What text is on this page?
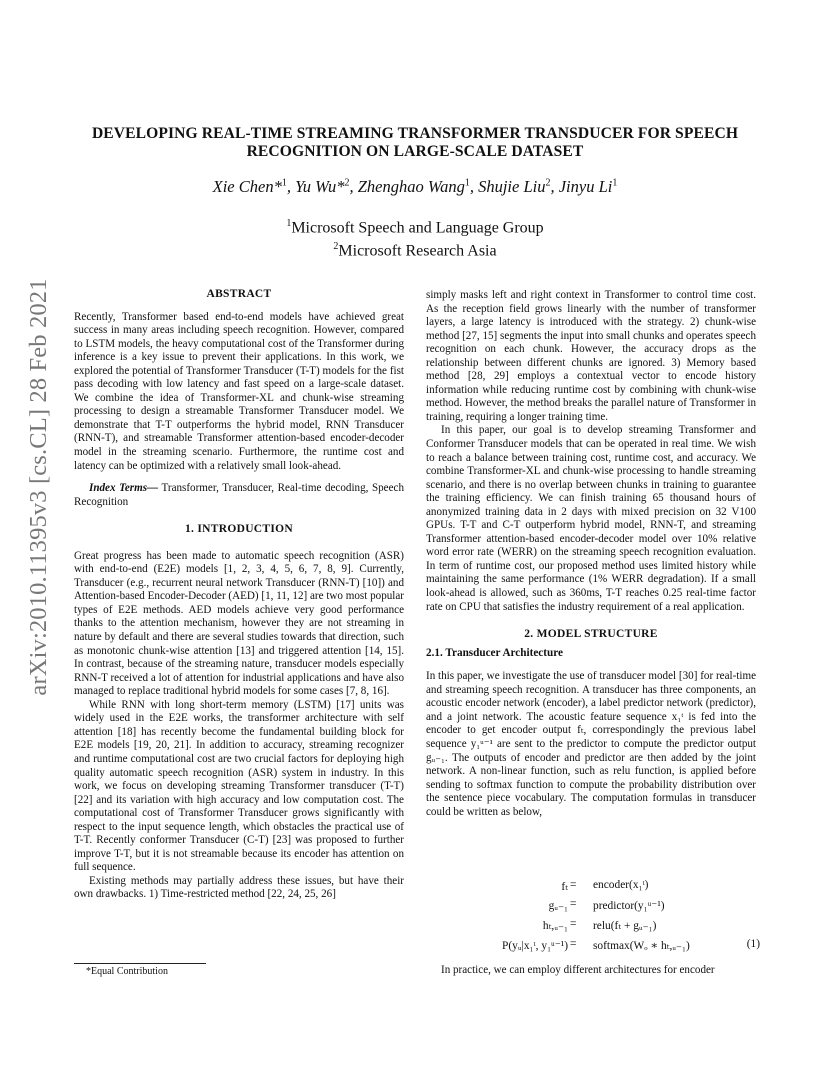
arXiv:2010.11395v3 [cs.CL] 28 Feb 2021
DEVELOPING REAL-TIME STREAMING TRANSFORMER TRANSDUCER FOR SPEECH
RECOGNITION ON LARGE-SCALE DATASET
Xie Chen*$^1$, Yu Wu*$^2$, Zhenghao Wang$^1$, Shujie Liu$^2$, Jinyu Li$^1$
$^1$Microsoft Speech and Language Group
$^2$Microsoft Research Asia

ABSTRACT

Recently, Transformer based end-to-end models have achieved great success in many areas including speech recognition. However, compared to LSTM models, the heavy computational cost of the Transformer during inference is a key issue to prevent their applications. In this work, we explored the potential of Transformer Transducer (T-T) models for the fist pass decoding with low latency and fast speed on a large-scale dataset. We combine the idea of Transformer-XL and chunk-wise streaming processing to design a streamable Transformer Transducer model. We demonstrate that T-T outperforms the hybrid model, RNN Transducer (RNN-T), and streamable Transformer attention-based encoder-decoder model in the streaming scenario. Furthermore, the runtime cost and latency can be optimized with a relatively small look-ahead.

Index Terms— Transformer, Transducer, Real-time decoding, Speech Recognition

1. INTRODUCTION

Great progress has been made to automatic speech recognition (ASR) with end-to-end (E2E) models [1, 2, 3, 4, 5, 6, 7, 8, 9]. Currently, Transducer (e.g., recurrent neural network Transducer (RNN-T) [10]) and Attention-based Encoder-Decoder (AED) [1, 11, 12] are two most popular types of E2E methods. AED models achieve very good performance thanks to the attention mechanism, however they are not streaming in nature by default and there are several studies towards that direction, such as monotonic chunk-wise attention [13] and triggered attention [14, 15]. In contrast, because of the streaming nature, transducer models especially RNN-T received a lot of attention for industrial applications and have also managed to replace traditional hybrid models for some cases [7, 8, 16].

While RNN with long short-term memory (LSTM) [17] units was widely used in the E2E works, the transformer architecture with self attention [18] has recently become the fundamental building block for E2E models [19, 20, 21]. In addition to accuracy, streaming recognizer and runtime computational cost are two crucial factors for deploying high quality automatic speech recognition (ASR) system in industry. In this work, we focus on developing streaming Transformer transducer (T-T) [22] and its variation with high accuracy and low computation cost. The computational cost of Transformer Transducer grows significantly with respect to the input sequence length, which obstacles the practical use of T-T. Recently conformer Transducer (C-T) [23] was proposed to further improve T-T, but it is not streamable because its encoder has attention on full sequence.

Existing methods may partially address these issues, but have their own drawbacks. 1) Time-restricted method [22, 24, 25, 26]

simply masks left and right context in Transformer to control time cost. As the reception field grows linearly with the number of transformer layers, a large latency is introduced with the strategy. 2) chunk-wise method [27, 15] segments the input into small chunks and operates speech recognition on each chunk. However, the accuracy drops as the relationship between different chunks are ignored. 3) Memory based method [28, 29] employs a contextual vector to encode history information while reducing runtime cost by combining with chunk-wise method. However, the method breaks the parallel nature of Transformer in training, requiring a longer training time.

In this paper, our goal is to develop streaming Transformer and Conformer Transducer models that can be operated in real time. We wish to reach a balance between training cost, runtime cost, and accuracy. We combine Transformer-XL and chunk-wise processing to handle streaming scenario, and there is no overlap between chunks in training to guarantee the training efficiency. We can finish training 65 thousand hours of anonymized training data in 2 days with mixed precision on 32 V100 GPUs. T-T and C-T outperform hybrid model, RNN-T, and streaming Transformer attention-based encoder-decoder model over 10% relative word error rate (WERR) on the streaming speech recognition evaluation. In term of runtime cost, our proposed method uses limited history while maintaining the same performance (1% WERR degradation). If a small look-ahead is allowed, such as 360ms, T-T reaches 0.25 real-time factor rate on CPU that satisfies the industry requirement of a real application.

2. MODEL STRUCTURE

2.1. Transducer Architecture

In this paper, we investigate the use of transducer model [30] for real-time and streaming speech recognition. A transducer has three components, an acoustic encoder network (encoder), a label predictor network (predictor), and a joint network. The acoustic feature sequence x₁ᵗ is fed into the encoder to get encoder output fₜ, correspondingly the previous label sequence y₁ᵘ⁻¹ are sent to the predictor to compute the predictor output gᵤ₋₁. The outputs of encoder and predictor are then added by the joint network. A non-linear function, such as relu function, is applied before sending to softmax function to compute the probability distribution over the sentence piece vocabulary. The computation formulas in transducer could be written as below,

fₜ = encoder(x₁ᵗ)
gᵤ₋₁ = predictor(y₁ᵘ⁻¹)
hₜ,ᵤ₋₁ = relu(fₜ + gᵤ₋₁)
P(yᵤ|x₁ᵗ, y₁ᵘ⁻¹) = softmax(Wₒ ∗ hₜ,ᵤ₋₁)	(1)

In practice, we can employ different architectures for encoder

*Equal Contribution
